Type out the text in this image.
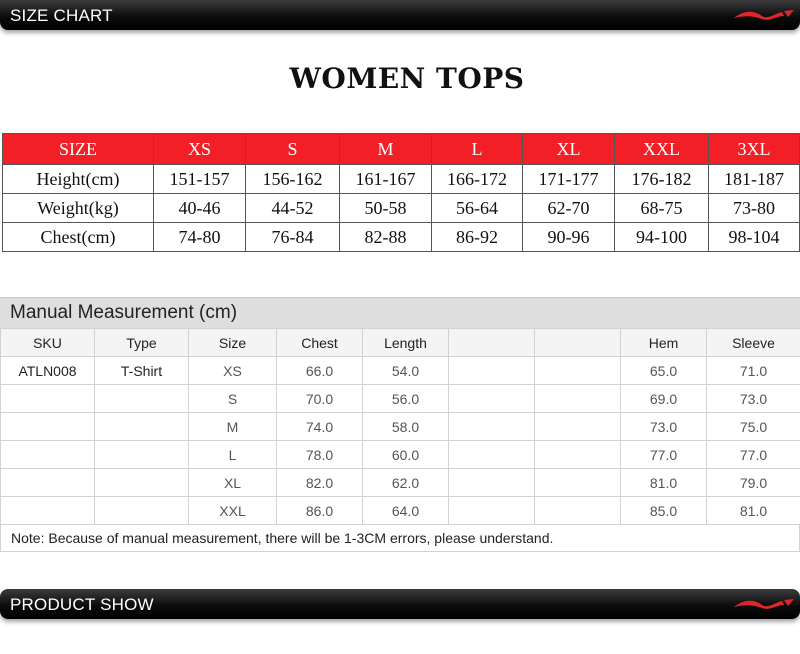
SIZE CHART
WOMEN TOPS
SIZE	XS	S	M	L	XL	XXL	3XL
Height(cm)	151-157	156-162	161-167	166-172	171-177	176-182	181-187
Weight(kg)	40-46	44-52	50-58	56-64	62-70	68-75	73-80
Chest(cm)	74-80	76-84	82-88	86-92	90-96	94-100	98-104
Manual Measurement (cm)
SKU	Type	Size	Chest	Length			Hem	Sleeve
ATLN008	T-Shirt	XS	66.0	54.0			65.0	71.0
		S	70.0	56.0			69.0	73.0
		M	74.0	58.0			73.0	75.0
		L	78.0	60.0			77.0	77.0
		XL	82.0	62.0			81.0	79.0
		XXL	86.0	64.0			85.0	81.0
Note: Because of manual measurement, there will be 1-3CM errors, please understand.
PRODUCT SHOW
